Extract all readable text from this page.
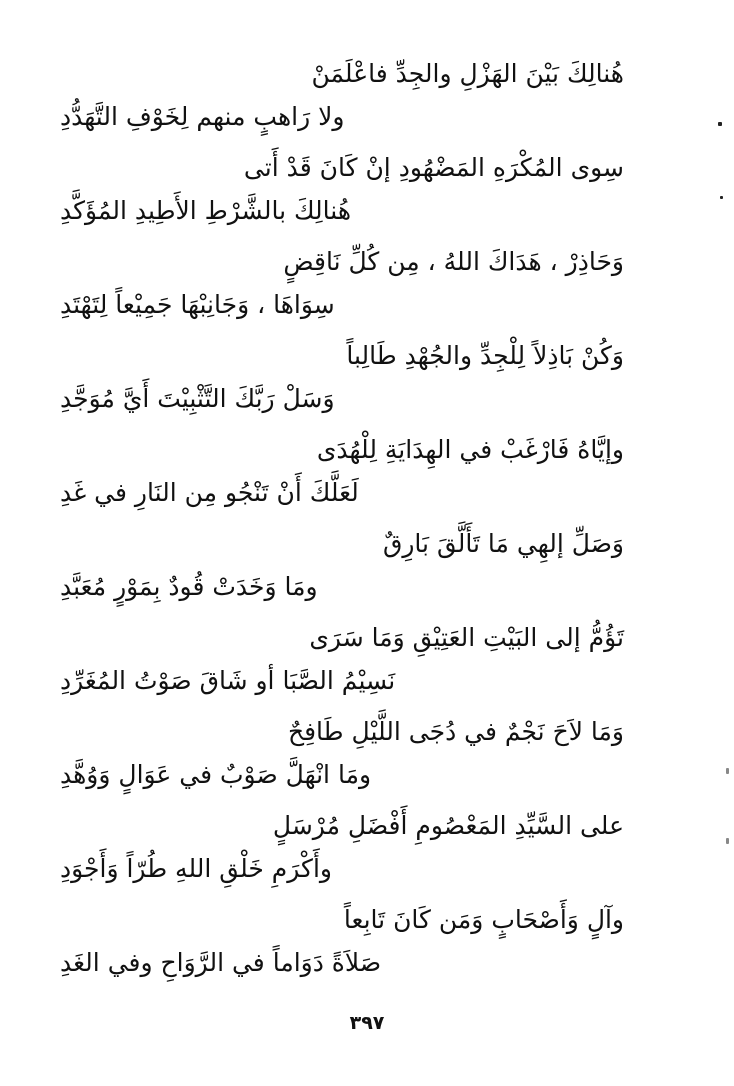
هُنالِكَ بَيْنَ الهَزْلِ والجِدِّ فاعْلَمَنْ
ولا رَاهبٍ منهم لِخَوْفِ التَّهَدُّدِ
سِوى المُكْرَهِ المَضْهُودِ إنْ كَانَ قَدْ أَتى
هُنالِكَ بالشَّرْطِ الأَطِيدِ المُؤَكَّدِ
وَحَاذِرْ ، هَدَاكَ اللهُ ، مِن كُلِّ نَاقِضٍ
سِوَاهَا ، وَجَانِبْهَا جَمِيْعاً لِتَهْتَدِ
وَكُنْ بَاذِلاً لِلْجِدِّ والجُهْدِ طَالِباً
وَسَلْ رَبَّكَ التَّثْبِيْتَ أَيَّ مُوَجَّدِ
وإيَّاهُ فَارْغَبْ في الهِدَايَةِ لِلْهُدَى
لَعَلَّكَ أَنْ تَنْجُو مِن النَارِ في غَدِ
وَصَلِّ إلهِي مَا تَأَلَّقَ بَارِقٌ
ومَا وَخَدَتْ قُودٌ بِمَوْرٍ مُعَبَّدِ
تَؤُمُّ إلى البَيْتِ العَتِيْقِ وَمَا سَرَى
نَسِيْمُ الصَّبَا أو شَاقَ صَوْتُ المُغَرِّدِ
وَمَا لاَحَ نَجْمٌ في دُجَى اللَّيْلِ طَافِحٌ
ومَا انْهَلَّ صَوْبٌ في عَوَالٍ وَوُهَّدِ
على السَّيِّدِ المَعْصُومِ أَفْضَلِ مُرْسَلٍ
وأَكْرَمِ خَلْقِ اللهِ طُرّاً وَأَجْوَدِ
وآلٍ وَأَصْحَابٍ وَمَن كَانَ تَابِعاً
صَلاَةً دَوَاماً في الرَّوَاحِ وفي الغَدِ
٣٩٧
